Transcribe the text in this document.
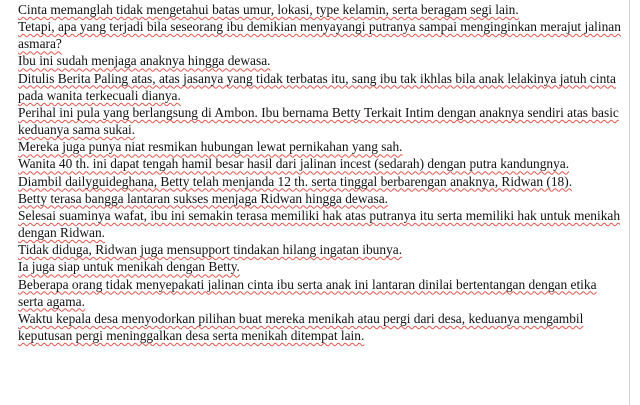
Cinta memanglah tidak mengetahui batas umur, lokasi, type kelamin, serta beragam segi lain.

Tetapi, apa yang terjadi bila seseorang ibu demikian menyayangi putranya sampai menginginkan merajut jalinan asmara?

Ibu ini sudah menjaga anaknya hingga dewasa.

Ditulis Berita Paling atas, atas jasanya yang tidak terbatas itu, sang ibu tak ikhlas bila anak lelakinya jatuh cinta pada wanita terkecuali dianya.

Perihal ini pula yang berlangsung di Ambon. Ibu bernama Betty Terkait Intim dengan anaknya sendiri atas basic keduanya sama sukai.

Mereka juga punya niat resmikan hubungan lewat pernikahan yang sah.

Wanita 40 th. ini dapat tengah hamil besar hasil dari jalinan incest (sedarah) dengan putra kandungnya.

Diambil dailyguideghana, Betty telah menjanda 12 th. serta tinggal berbarengan anaknya, Ridwan (18).

Betty terasa bangga lantaran sukses menjaga Ridwan hingga dewasa.

Selesai suaminya wafat, ibu ini semakin terasa memiliki hak atas putranya itu serta memiliki hak untuk menikah dengan Ridwan.

Tidak diduga, Ridwan juga mensupport tindakan hilang ingatan ibunya.

Ia juga siap untuk menikah dengan Betty.

Beberapa orang tidak menyepakati jalinan cinta ibu serta anak ini lantaran dinilai bertentangan dengan etika serta agama.

Waktu kepala desa menyodorkan pilihan buat mereka menikah atau pergi dari desa, keduanya mengambil keputusan pergi meninggalkan desa serta menikah ditempat lain.
